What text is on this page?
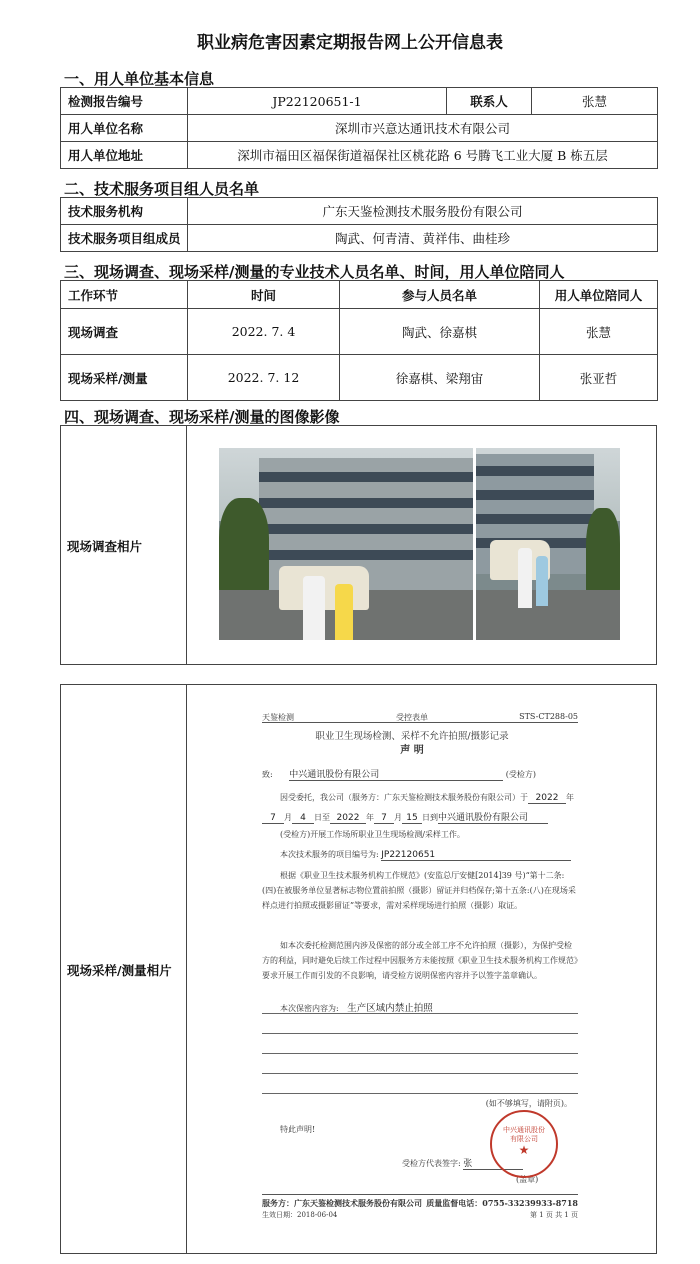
职业病危害因素定期报告网上公开信息表
一、用人单位基本信息
检测报告编号	JP22120651-1	联系人	张慧
用人单位名称	深圳市兴意达通讯技术有限公司		
用人单位地址	深圳市福田区福保街道福保社区桃花路 6 号腾飞工业大厦 B 栋五层		
二、技术服务项目组人员名单
技术服务机构	广东天鉴检测技术服务股份有限公司
技术服务项目组成员	陶武、何青清、黄祥伟、曲桂珍
三、现场调查、现场采样/测量的专业技术人员名单、时间，用人单位陪同人
工作环节	时间	参与人员名单	用人单位陪同人
现场调查	2022. 7. 4	陶武、徐嘉棋	张慧
现场采样/测量	2022. 7. 12	徐嘉棋、梁翔宙	张亚哲
四、现场调查、现场采样/测量的图像影像
现场调查相片
现场采样/测量相片
天鉴检测	受控表单	STS-CT288-05
职业卫生现场检测、采样不允许拍照/摄影记录
声 明
致: 中兴通讯股份有限公司	(受检方)
因受委托，我公司（服务方：广东天鉴检测技术服务股份有限公司）于 2022 年
7 月 4 日至 2022 年 7 月 15 日到中兴通讯股份有限公司
(受检方)开展工作场所职业卫生现场检测/采样工作。
本次技术服务的项目编号为: JP22120651
根据《职业卫生技术服务机构工作规范》(安监总厅安健[2014]39 号)“第十二条:(四)在被服务单位显著标志物位置前拍照（摄影）留证并归档保存;第十五条:(八)在现场采样点进行拍照或摄影留证”等要求，需对采样现场进行拍照（摄影）取证。
如本次委托检测范围内涉及保密的部分或全部工序不允许拍照（摄影），为保护受检方的利益，同时避免后续工作过程中因服务方未能按照《职业卫生技术服务机构工作规范》要求开展工作而引发的不良影响，请受检方说明保密内容并予以签字盖章确认。
本次保密内容为: 生产区域内禁止拍照
(如不够填写，请附页)。
特此声明!
受检方代表签字: 张
(盖章)
中兴通讯股份有限公司
★
服务方：广东天鉴检测技术服务股份有限公司 质量监督电话：0755-33239933-8718
生效日期：2018-06-04	第 1 页 共 1 页
